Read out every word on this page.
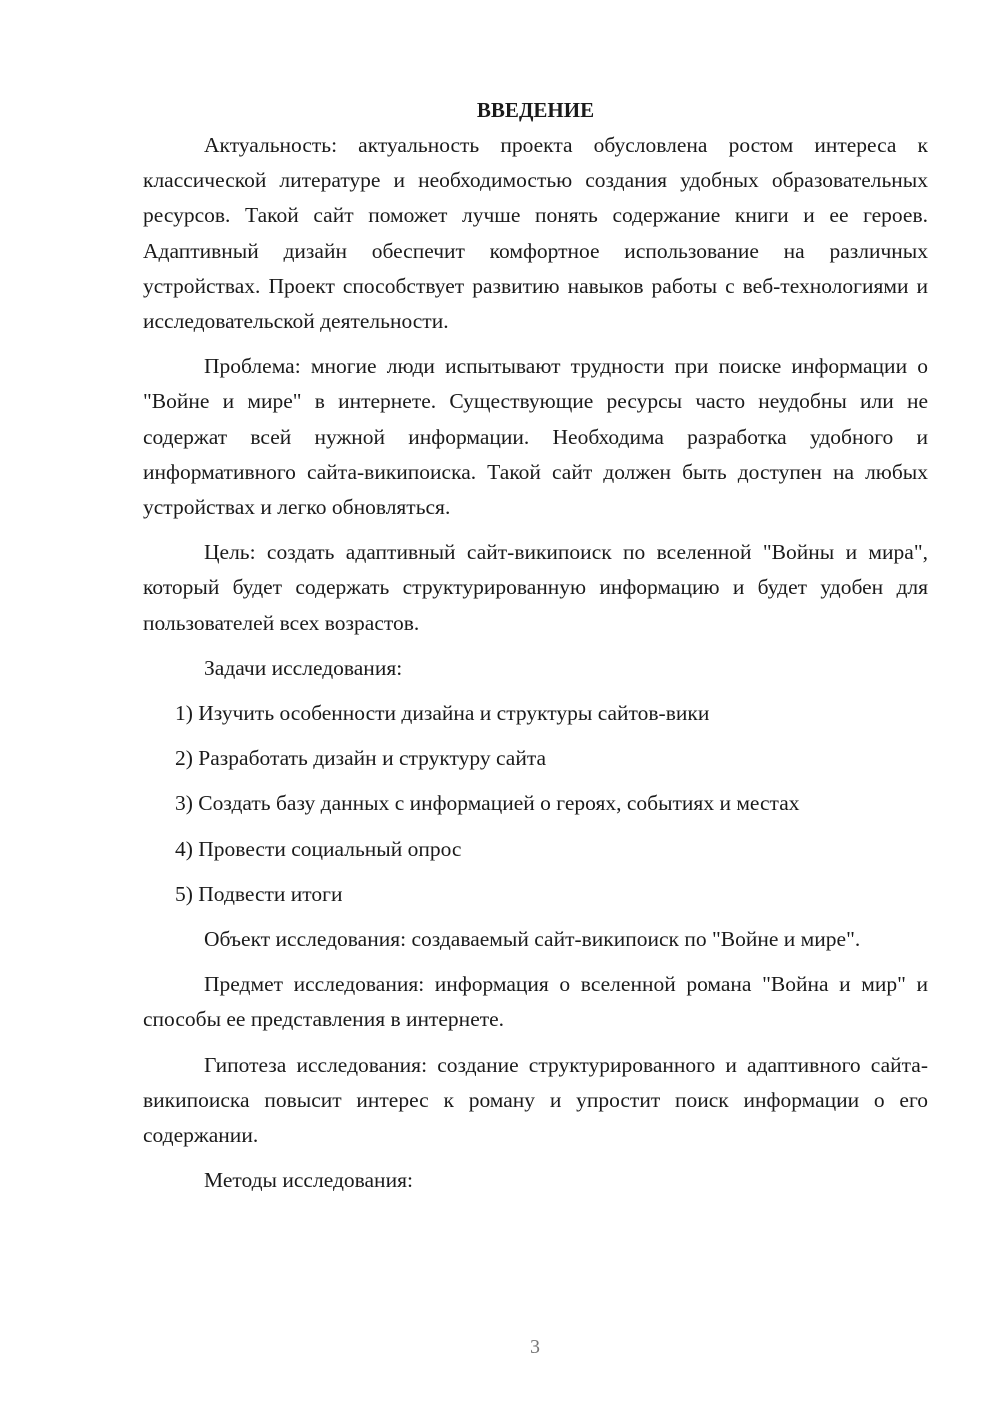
ВВЕДЕНИЕ

Актуальность: актуальность проекта обусловлена ростом интереса к классической литературе и необходимостью создания удобных образовательных ресурсов. Такой сайт поможет лучше понять содержание книги и ее героев. Адаптивный дизайн обеспечит комфортное использование на различных устройствах. Проект способствует развитию навыков работы с веб-технологиями и исследовательской деятельности.

Проблема: многие люди испытывают трудности при поиске информации о "Войне и мире" в интернете. Существующие ресурсы часто неудобны или не содержат всей нужной информации. Необходима разработка удобного и информативного сайта-википоиска. Такой сайт должен быть доступен на любых устройствах и легко обновляться.

Цель: создать адаптивный сайт-википоиск по вселенной "Войны и мира", который будет содержать структурированную информацию и будет удобен для пользователей всех возрастов.

Задачи исследования:

1) Изучить особенности дизайна и структуры сайтов-вики
2) Разработать дизайн и структуру сайта
3) Создать базу данных с информацией о героях, событиях и местах
4) Провести социальный опрос
5) Подвести итоги

Объект исследования: создаваемый сайт-википоиск по "Войне и мире".

Предмет исследования: информация о вселенной романа "Война и мир" и способы ее представления в интернете.

Гипотеза исследования: создание структурированного и адаптивного сайта-википоиска повысит интерес к роману и упростит поиск информации о его содержании.

Методы исследования:

3
